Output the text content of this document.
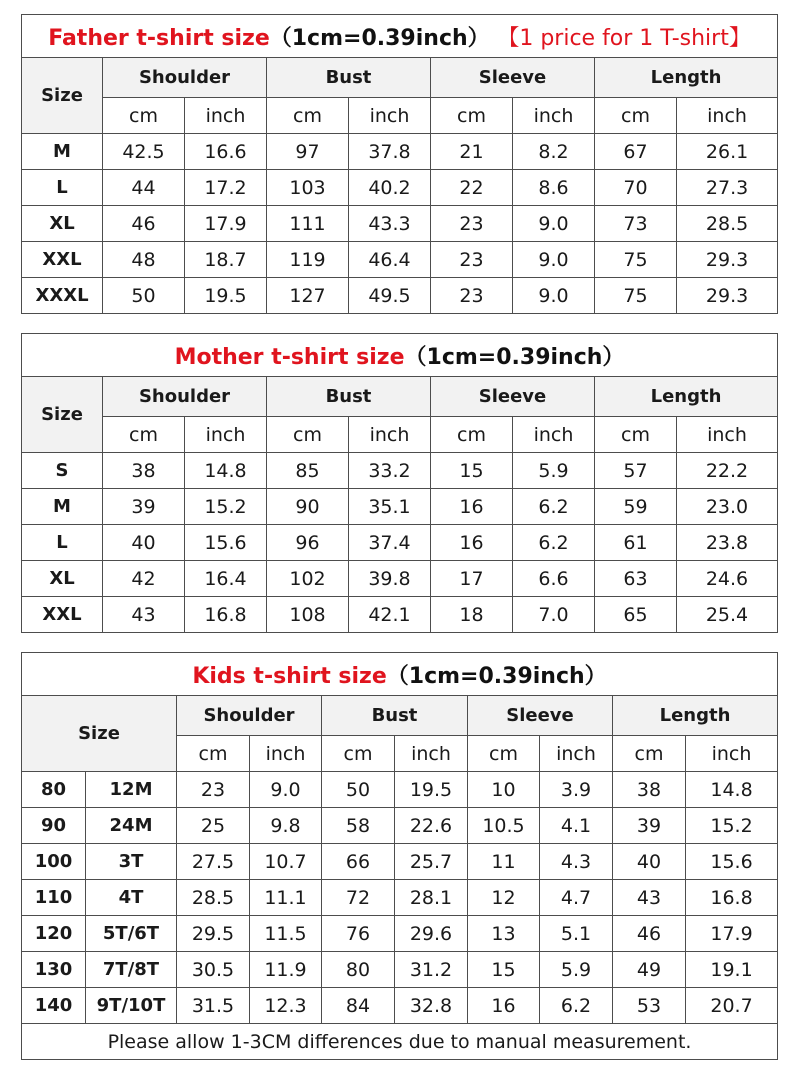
Father t-shirt size（1cm=0.39inch） 【1 price for 1 T-shirt】								
Size	Shoulder		Bust		Sleeve		Length	
	cm	inch	cm	inch	cm	inch	cm	inch
M	42.5	16.6	97	37.8	21	8.2	67	26.1
L	44	17.2	103	40.2	22	8.6	70	27.3
XL	46	17.9	111	43.3	23	9.0	73	28.5
XXL	48	18.7	119	46.4	23	9.0	75	29.3
XXXL	50	19.5	127	49.5	23	9.0	75	29.3
Mother t-shirt size（1cm=0.39inch）								
Size	Shoulder		Bust		Sleeve		Length	
	cm	inch	cm	inch	cm	inch	cm	inch
S	38	14.8	85	33.2	15	5.9	57	22.2
M	39	15.2	90	35.1	16	6.2	59	23.0
L	40	15.6	96	37.4	16	6.2	61	23.8
XL	42	16.4	102	39.8	17	6.6	63	24.6
XXL	43	16.8	108	42.1	18	7.0	65	25.4
Kids t-shirt size（1cm=0.39inch）									
Size		Shoulder		Bust		Sleeve		Length	
		cm	inch	cm	inch	cm	inch	cm	inch
80	12M	23	9.0	50	19.5	10	3.9	38	14.8
90	24M	25	9.8	58	22.6	10.5	4.1	39	15.2
100	3T	27.5	10.7	66	25.7	11	4.3	40	15.6
110	4T	28.5	11.1	72	28.1	12	4.7	43	16.8
120	5T/6T	29.5	11.5	76	29.6	13	5.1	46	17.9
130	7T/8T	30.5	11.9	80	31.2	15	5.9	49	19.1
140	9T/10T	31.5	12.3	84	32.8	16	6.2	53	20.7
Please allow 1-3CM differences due to manual measurement.									
